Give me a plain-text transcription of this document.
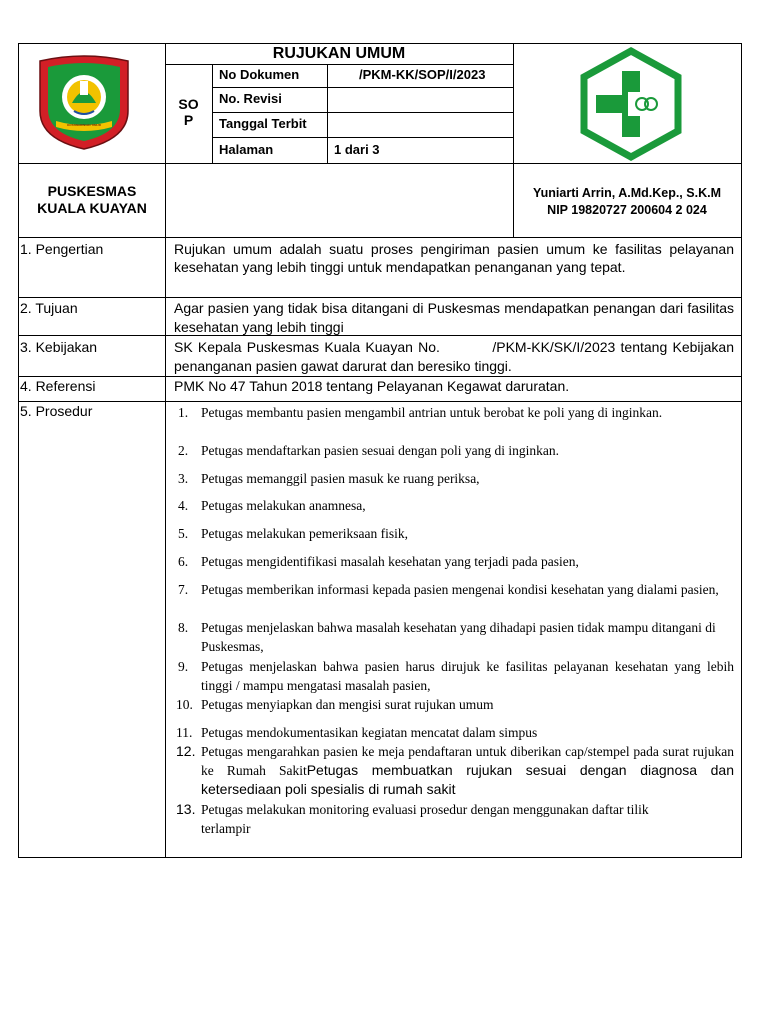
KOTAWARINGIN TIMUR
RUJUKAN UMUM
SO
P
No Dokumen	/PKM-KK/SOP/I/2023
No. Revisi
Tanggal Terbit
Halaman	1 dari 3
PUSKESMAS KUALA KUAYAN
Yuniarti Arrin, A.Md.Kep., S.K.M
NIP 19820727 200604 2 024
1. Pengertian
2. Tujuan
3. Kebijakan
4. Referensi
5. Prosedur
Rujukan umum adalah suatu proses pengiriman pasien umum ke fasilitas pelayanan kesehatan yang lebih tinggi untuk mendapatkan penanganan yang tepat.
Agar pasien yang tidak bisa ditangani di Puskesmas mendapatkan penangan dari fasilitas kesehatan yang lebih tinggi
SK Kepala Puskesmas Kuala Kuayan No.          /PKM-KK/SK/I/2023 tentang Kebijakan penanganan pasien gawat darurat dan beresiko tinggi.
PMK No 47 Tahun 2018 tentang Pelayanan Kegawat daruratan.
1. Petugas membantu pasien mengambil antrian untuk berobat ke poli yang di inginkan.
2. Petugas mendaftarkan pasien sesuai dengan poli yang di inginkan.
3. Petugas memanggil pasien masuk ke ruang periksa,
4. Petugas melakukan anamnesa,
5. Petugas melakukan pemeriksaan fisik,
6. Petugas mengidentifikasi masalah kesehatan yang terjadi pada pasien,
7. Petugas memberikan informasi kepada pasien mengenai kondisi kesehatan yang dialami pasien,
8. Petugas menjelaskan bahwa masalah kesehatan yang dihadapi pasien tidak mampu ditangani di Puskesmas,
9. Petugas menjelaskan bahwa pasien harus dirujuk ke fasilitas pelayanan kesehatan yang lebih tinggi / mampu mengatasi masalah pasien,
10. Petugas menyiapkan dan mengisi surat rujukan umum
11. Petugas mendokumentasikan kegiatan mencatat dalam simpus
12. Petugas mengarahkan pasien ke meja pendaftaran untuk diberikan cap/stempel pada surat rujukan ke Rumah SakitPetugas membuatkan rujukan sesuai dengan diagnosa dan ketersediaan poli spesialis di rumah sakit
13. Petugas melakukan monitoring evaluasi prosedur dengan menggunakan daftar tilik terlampir
